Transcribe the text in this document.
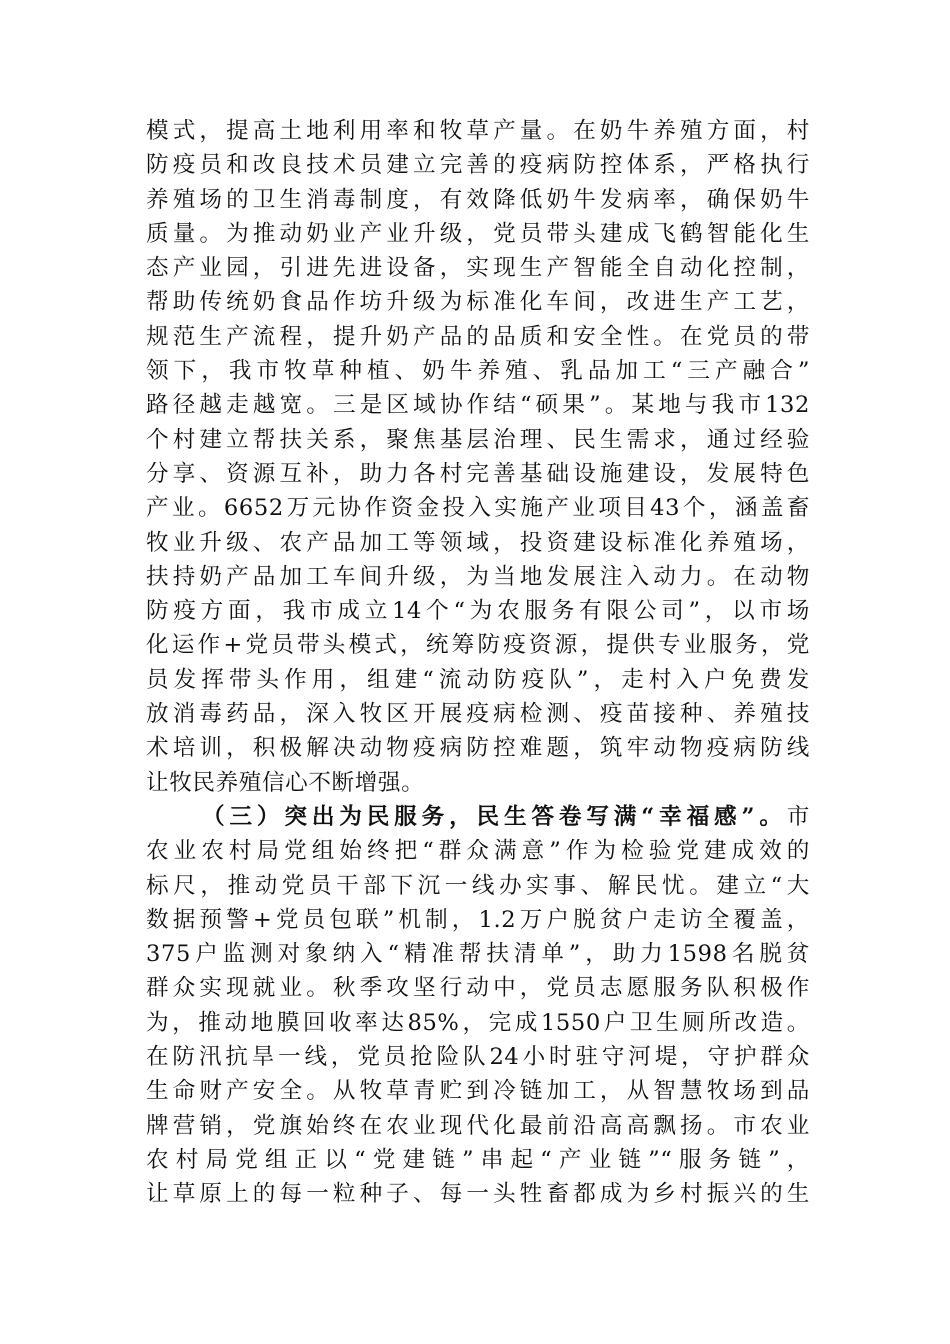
模式，提高土地利用率和牧草产量。在奶牛养殖方面，村
防疫员和改良技术员建立完善的疫病防控体系，严格执行
养殖场的卫生消毒制度，有效降低奶牛发病率，确保奶牛
质量。为推动奶业产业升级，党员带头建成飞鹤智能化生
态产业园，引进先进设备，实现生产智能全自动化控制，
帮助传统奶食品作坊升级为标准化车间，改进生产工艺，
规范生产流程，提升奶产品的品质和安全性。在党员的带
领下，我市牧草种植、奶牛养殖、乳品加工“三产融合”
路径越走越宽。三是区域协作结“硕果”。某地与我市132
个村建立帮扶关系，聚焦基层治理、民生需求，通过经验
分享、资源互补，助力各村完善基础设施建设，发展特色
产业。6652万元协作资金投入实施产业项目43个，涵盖畜
牧业升级、农产品加工等领域，投资建设标准化养殖场，
扶持奶产品加工车间升级，为当地发展注入动力。在动物
防疫方面，我市成立14个“为农服务有限公司”，以市场
化运作+党员带头模式，统筹防疫资源，提供专业服务，党
员发挥带头作用，组建“流动防疫队”，走村入户免费发
放消毒药品，深入牧区开展疫病检测、疫苗接种、养殖技
术培训，积极解决动物疫病防控难题，筑牢动物疫病防线
让牧民养殖信心不断增强。
（三）突出为民服务，民生答卷写满“幸福感”。市
农业农村局党组始终把“群众满意”作为检验党建成效的
标尺，推动党员干部下沉一线办实事、解民忧。建立“大
数据预警+党员包联”机制，1.2万户脱贫户走访全覆盖，
375户监测对象纳入“精准帮扶清单”，助力1598名脱贫
群众实现就业。秋季攻坚行动中，党员志愿服务队积极作
为，推动地膜回收率达85%，完成1550户卫生厕所改造。
在防汛抗旱一线，党员抢险队24小时驻守河堤，守护群众
生命财产安全。从牧草青贮到冷链加工，从智慧牧场到品
牌营销，党旗始终在农业现代化最前沿高高飘扬。市农业
农村局党组正以“党建链”串起“产业链”“服务链”，
让草原上的每一粒种子、每一头牲畜都成为乡村振兴的生
